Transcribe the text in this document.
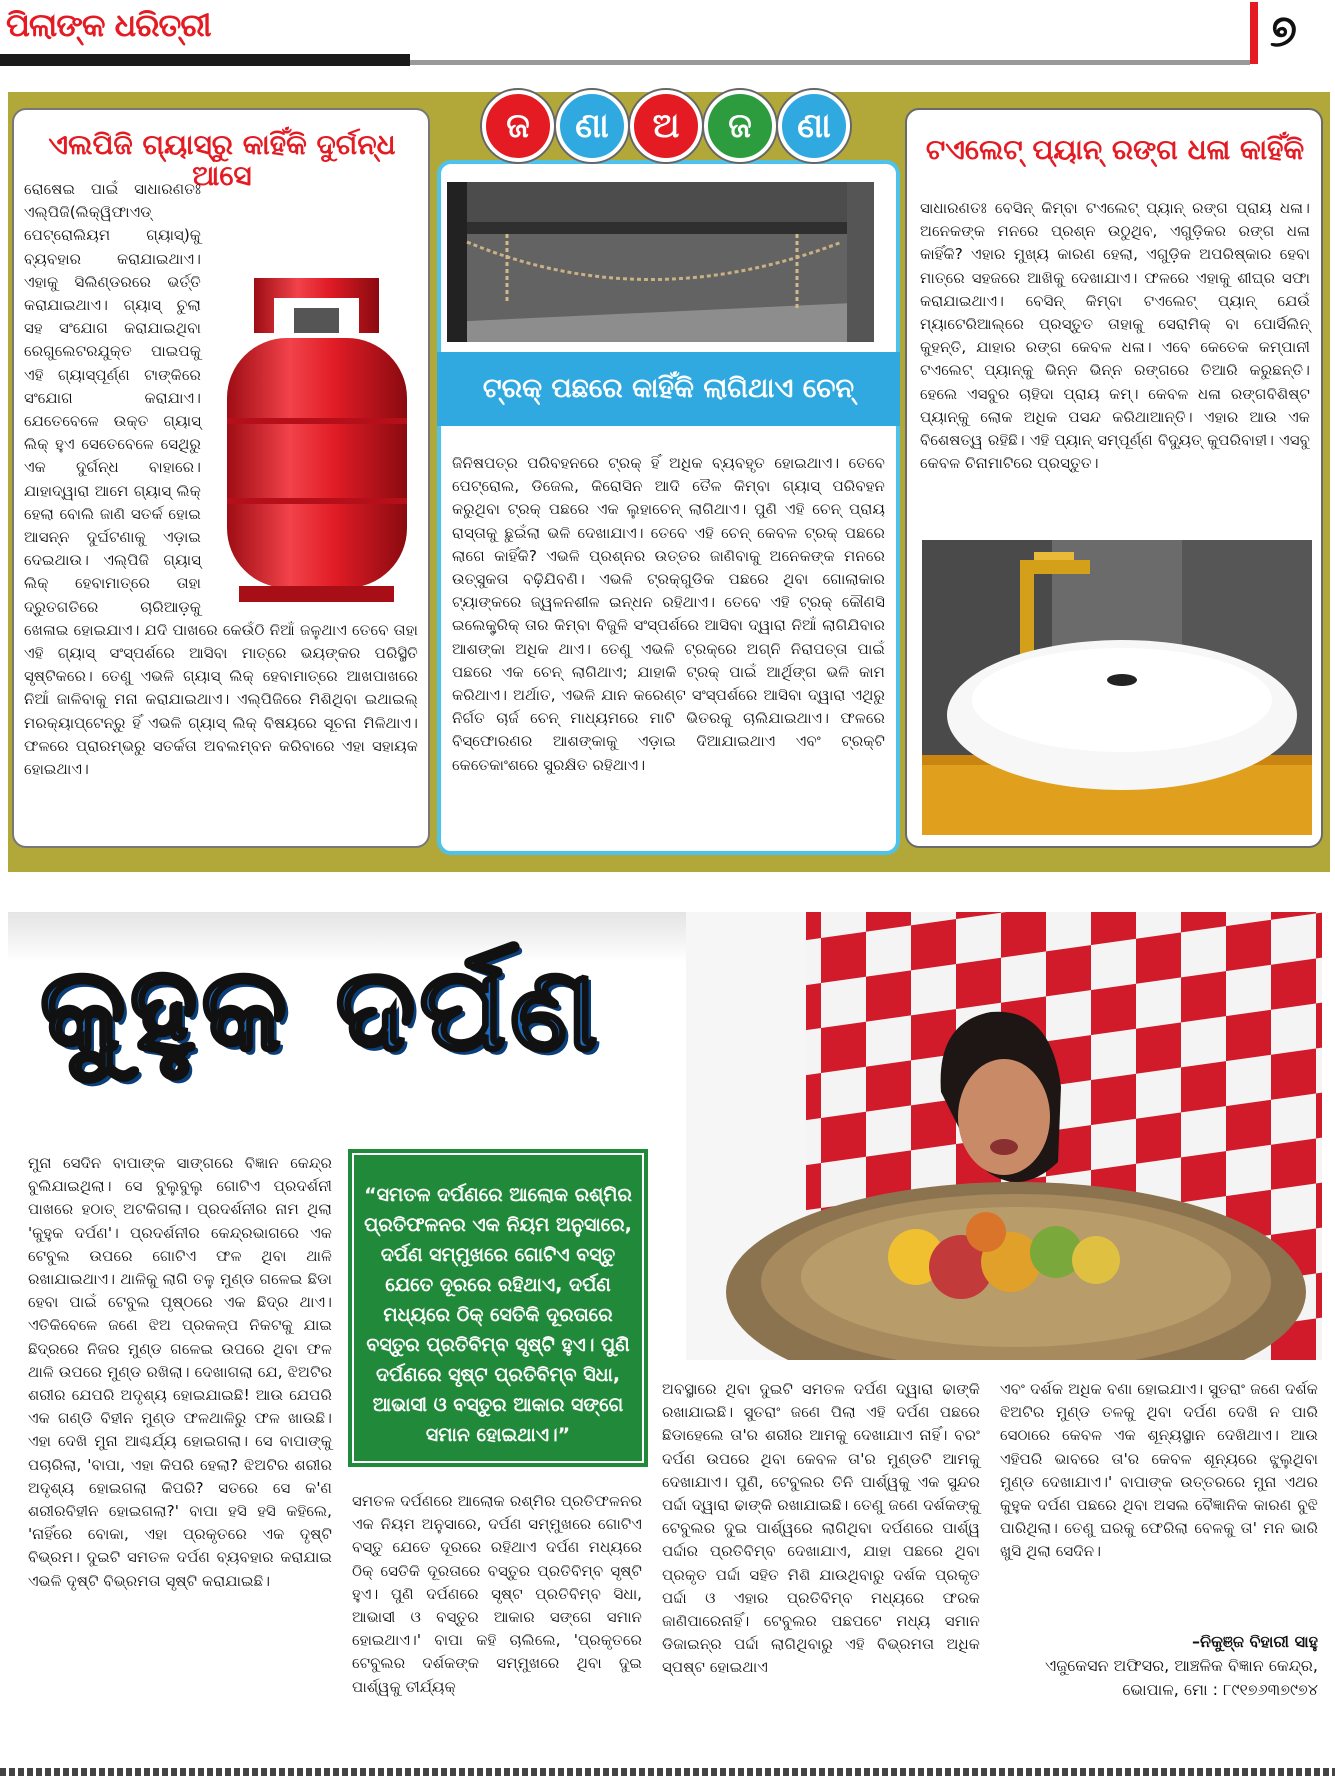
ପିଲାଙ୍କ ଧରିତ୍ରୀ	୭
ଜ	ଣା	ଅ	ଜ	ଣା
ଏଲପିଜି ଗ୍ୟାସ୍‌ରୁ କାହିଁକି ଦୁର୍ଗନ୍ଧ ଆସେ
ରୋଷେଇ ପାଇଁ ସାଧାରଣତଃ ଏଲ୍‌ପିଜି(ଲିକ୍ୱିଫାଏଡ୍ ପେଟ୍ରୋଲିୟମ ଗ୍ୟାସ୍)କୁ ବ୍ୟବହାର କରାଯାଇଥାଏ। ଏହାକୁ ସିଲିଣ୍ଡରରେ ଭର୍ତ୍ତି କରାଯାଇଥାଏ। ଗ୍ୟାସ୍ ଚୁଲା ସହ ସଂଯୋଗ କରାଯାଇଥିବା ରେଗୁଲେଟରଯୁକ୍ତ ପାଇପକୁ ଏହି ଗ୍ୟାସ୍‌ପୂର୍ଣ୍ଣ ଟାଙ୍କିରେ ସଂଯୋଗ କରାଯାଏ। ଯେତେବେଳେ ଉକ୍ତ ଗ୍ୟାସ୍ ଲିକ୍ ହୁଏ ସେତେବେଳେ ସେଥିରୁ ଏକ ଦୁର୍ଗନ୍ଧ ବାହାରେ। ଯାହାଦ୍ୱାରା ଆମେ ଗ୍ୟାସ୍ ଲିକ୍ ହେଲା ବୋଲି ଜାଣି ସତର୍କ ହୋଇ ଆସନ୍ନ ଦୁର୍ଘଟଣାକୁ ଏଡ଼ାଇ ଦେଇଥାଉ। ଏଲ୍‌ପିଜି ଗ୍ୟାସ୍ ଲିକ୍ ହେବାମାତ୍ରେ ତାହା ଦ୍ରୁତଗତିରେ ଚାରିଆଡ଼କୁ ଖେଳାଇ ହୋଇଯାଏ। ଯଦି ପାଖରେ କେଉଁଠି ନିଆଁ ଜଳୁଥାଏ ତେବେ ତାହା ଏହି ଗ୍ୟାସ୍ ସଂସ୍ପର୍ଶରେ ଆସିବା ମାତ୍ରେ ଭୟଙ୍କର ପରିସ୍ଥିତି ସୃଷ୍ଟିକରେ। ତେଣୁ ଏଭଳି ଗ୍ୟାସ୍ ଲିକ୍ ହେବାମାତ୍ରେ ଆଖପାଖରେ ନିଆଁ ଜାଳିବାକୁ ମନା କରାଯାଇଥାଏ। ଏଲ୍‌ପିଜିରେ ମିଶିଥିବା ଇଥାଇଲ୍ ମରକ୍ୟାପ୍‌ଟେନ୍‌ରୁ ହିଁ ଏଭଳି ଗ୍ୟାସ୍ ଲିକ୍ ବିଷୟରେ ସୂଚନା ମିଳିଥାଏ। ଫଳରେ ପ୍ରାରମ୍ଭରୁ ସତର୍କତା ଅବଲମ୍ବନ କରିବାରେ ଏହା ସହାୟକ ହୋଇଥାଏ।
ଟ୍ରକ୍ ପଛରେ କାହିଁକି ଲାଗିଥାଏ ଚେନ୍
ଜିନିଷପତ୍ର ପରିବହନରେ ଟ୍ରକ୍ ହିଁ ଅଧିକ ବ୍ୟବହୃତ ହୋଇଥାଏ। ତେବେ ପେଟ୍ରୋଲ, ଡିଜେଲ, କିରୋସିନ ଆଦି ତୈଳ କିମ୍ବା ଗ୍ୟାସ୍ ପରିବହନ କରୁଥିବା ଟ୍ରକ୍ ପଛରେ ଏକ ଲୁହାଚେନ୍ ଲାଗିଥାଏ। ପୁଣି ଏହି ଚେନ୍ ପ୍ରାୟ ରାସ୍ତାକୁ ଛୁଇଁଲା ଭଳି ଦେଖାଯାଏ। ତେବେ ଏହି ଚେନ୍ କେବଳ ଟ୍ରକ୍ ପଛରେ ଲାଗେ କାହିଁକି? ଏଭଳି ପ୍ରଶ୍ନର ଉତ୍ତର ଜାଣିବାକୁ ଅନେକଙ୍କ ମନରେ ଉତ୍ସୁକତା ବଢ଼ିଯିବଣି। ଏଭଳି ଟ୍ରକ୍‌ଗୁଡିକ ପଛରେ ଥିବା ଗୋଲାକାର ଟ୍ୟାଙ୍କରେ ଜ୍ୱଳନଶୀଳ ଇନ୍ଧନ ରହିଥାଏ। ତେବେ ଏହି ଟ୍ରକ୍ କୌଣସି ଇଲେକ୍ଟ୍ରିକ୍ ତାର କିମ୍ବା ବିଜୁଳି ସଂସ୍ପର୍ଶରେ ଆସିବା ଦ୍ୱାରା ନିଆଁ ଲାଗିଯିବାର ଆଶଙ୍କା ଅଧିକ ଥାଏ। ତେଣୁ ଏଭଳି ଟ୍ରକ୍‌ରେ ଅଗ୍ନି ନିରାପତ୍ତା ପାଇଁ ପଛରେ ଏକ ଚେନ୍ ଲାଗିଥାଏ; ଯାହାକି ଟ୍ରକ୍ ପାଇଁ ଆର୍ଥିଙ୍ଗ ଭଳି କାମ କରିଥାଏ। ଅର୍ଥାତ, ଏଭଳି ଯାନ କରେଣ୍ଟ ସଂସ୍ପର୍ଶରେ ଆସିବା ଦ୍ୱାରା ଏଥିରୁ ନିର୍ଗତ ଚାର୍ଜ ଚେନ୍ ମାଧ୍ୟମରେ ମାଟି ଭିତରକୁ ଚାଲିଯାଇଥାଏ। ଫଳରେ ବିସ୍ଫୋରଣର ଆଶଙ୍କାକୁ ଏଡ଼ାଇ ଦିଆଯାଇଥାଏ ଏବଂ ଟ୍ରକ୍‌ଟି କେତେକାଂଶରେ ସୁରକ୍ଷିତ ରହିଥାଏ।
ଟଏଲେଟ୍ ପ୍ୟାନ୍ ରଙ୍ଗ ଧଳା କାହିଁକି
ସାଧାରଣତଃ ବେସିନ୍ କିମ୍ବା ଟଏଲେଟ୍ ପ୍ୟାନ୍ ରଙ୍ଗ ପ୍ରାୟ ଧଳା। ଅନେକଙ୍କ ମନରେ ପ୍ରଶ୍ନ ଉଠୁଥିବ, ଏଗୁଡ଼ିକର ରଙ୍ଗ ଧଳା କାହିଁକି? ଏହାର ମୁଖ୍ୟ କାରଣ ହେଲା, ଏଗୁଡ଼ିକ ଅପରିଷ୍କାର ହେବା ମାତ୍ରେ ସହଜରେ ଆଖିକୁ ଦେଖାଯାଏ। ଫଳରେ ଏହାକୁ ଶୀଘ୍ର ସଫା କରାଯାଇଥାଏ। ବେସିନ୍ କିମ୍ବା ଟଏଲେଟ୍ ପ୍ୟାନ୍ ଯେଉଁ ମ୍ୟାଟେରିଆଲ୍‌ରେ ପ୍ରସ୍ତୁତ ତାହାକୁ ସେରାମିକ୍ ବା ପୋର୍ସିଲିନ୍ କୁହନ୍ତି, ଯାହାର ରଙ୍ଗ କେବଳ ଧଳା। ଏବେ କେତେକ କମ୍ପାନୀ ଟଏଲେଟ୍ ପ୍ୟାନ୍‌କୁ ଭିନ୍ନ ଭିନ୍ନ ରଙ୍ଗରେ ତିଆରି କରୁଛନ୍ତି। ହେଲେ ଏସବୁର ଚାହିଦା ପ୍ରାୟ କମ୍। କେବଳ ଧଳା ରଙ୍ଗବିଶିଷ୍ଟ ପ୍ୟାନ୍‌କୁ ଲୋକ ଅଧିକ ପସନ୍ଦ କରିଥାଆନ୍ତି। ଏହାର ଆଉ ଏକ ବିଶେଷତ୍ୱ ରହିଛି। ଏହି ପ୍ୟାନ୍ ସମ୍ପୂର୍ଣ୍ଣ ବିଦ୍ୟୁତ୍ କୁପରିବାହୀ। ଏସବୁ କେବଳ ଚିନାମାଟିରେ ପ୍ରସ୍ତୁତ।
କୁହୁକ ଦର୍ପଣ
ମୁନା ସେଦିନ ବାପାଙ୍କ ସାଙ୍ଗରେ ବିଜ୍ଞାନ କେନ୍ଦ୍ର ବୁଲିଯାଇଥିଲା। ସେ ବୁଲୁବୁଲୁ ଗୋଟିଏ ପ୍ରଦର୍ଶନୀ ପାଖରେ ହଠାତ୍ ଅଟକିଗଲା। ପ୍ରଦର୍ଶନୀର ନାମ ଥିଲା 'କୁହୁକ ଦର୍ପଣ'। ପ୍ରଦର୍ଶନୀର କେନ୍ଦ୍ରଭାଗରେ ଏକ ଟେବୁଲ ଉପରେ ଗୋଟିଏ ଫଳ ଥିବା ଥାଳି ରଖାଯାଇଥାଏ। ଥାଳିକୁ ଲାଗି ତଳୁ ମୁଣ୍ଡ ଗଳେଇ ଛିଡା ହେବା ପାଇଁ ଟେବୁଲ ପୃଷ୍ଠରେ ଏକ ଛିଦ୍ର ଥାଏ। ଏତିକିବେଳେ ଜଣେ ଝିଅ ପ୍ରକଳ୍ପ ନିକଟକୁ ଯାଇ ଛିଦ୍ରରେ ନିଜର ମୁଣ୍ଡ ଗଳେଇ ଉପରେ ଥିବା ଫଳ ଥାଳି ଉପରେ ମୁଣ୍ଡ ରଖିଲା। ଦେଖାଗଲା ଯେ, ଝିଅଟିର ଶରୀର ଯେପରି ଅଦୃଶ୍ୟ ହୋଇଯାଇଛି! ଆଉ ଯେପରି ଏକ ଗଣ୍ଡି ବିହୀନ ମୁଣ୍ଡ ଫଳଥାଳିରୁ ଫଳ ଖାଉଛି। ଏହା ଦେଖି ମୁନା ଆଶ୍ଚର୍ଯ୍ୟ ହୋଇଗଲା। ସେ ବାପାଙ୍କୁ ପଚାରିଲା, 'ବାପା, ଏହା କିପରି ହେଲା? ଝିଅଟିର ଶରୀର ଅଦୃଶ୍ୟ ହୋଇଗଲା କିପରି? ସତରେ ସେ କ'ଣ ଶରୀରବିହୀନ ହୋଇଗଲା?' ବାପା ହସି ହସି କହିଲେ, 'ନାହିଁରେ ବୋକା, ଏହା ପ୍ରକୃତରେ ଏକ ଦୃଷ୍ଟି ବିଭ୍ରମ। ଦୁଇଟି ସମତଳ ଦର୍ପଣ ବ୍ୟବହାର କରାଯାଇ ଏଭଳି ଦୃଷ୍ଟି ବିଭ୍ରମତା ସୃଷ୍ଟି କରାଯାଇଛି।
“ସମତଳ ଦର୍ପଣରେ ଆଲୋକ ରଶ୍ମିର ପ୍ରତିଫଳନର ଏକ ନିୟମ ଅନୁସାରେ, ଦର୍ପଣ ସମ୍ମୁଖରେ ଗୋଟିଏ ବସ୍ତୁ ଯେତେ ଦୂରରେ ରହିଥାଏ, ଦର୍ପଣ ମଧ୍ୟରେ ଠିକ୍ ସେତିକି ଦୂରତାରେ ବସ୍ତୁର ପ୍ରତିବିମ୍ବ ସୃଷ୍ଟି ହୁଏ। ପୁଣି ଦର୍ପଣରେ ସୃଷ୍ଟ ପ୍ରତିବିମ୍ବ ସିଧା, ଆଭାସୀ ଓ ବସ୍ତୁର ଆକାର ସଙ୍ଗେ ସମାନ ହୋଇଥାଏ।”
ସମତଳ ଦର୍ପଣରେ ଆଲୋକ ରଶ୍ମିର ପ୍ରତିଫଳନର ଏକ ନିୟମ ଅନୁସାରେ, ଦର୍ପଣ ସମ୍ମୁଖରେ ଗୋଟିଏ ବସ୍ତୁ ଯେତେ ଦୂରରେ ରହିଥାଏ ଦର୍ପଣ ମଧ୍ୟରେ ଠିକ୍ ସେତିକି ଦୂରତାରେ ବସ୍ତୁର ପ୍ରତିବିମ୍ବ ସୃଷ୍ଟି ହୁଏ। ପୁଣି ଦର୍ପଣରେ ସୃଷ୍ଟ ପ୍ରତିବିମ୍ବ ସିଧା, ଆଭାସୀ ଓ ବସ୍ତୁର ଆକାର ସଙ୍ଗେ ସମାନ ହୋଇଥାଏ।' ବାପା କହି ଚାଲିଲେ, 'ପ୍ରକୃତରେ ଟେବୁଲର ଦର୍ଶକଙ୍କ ସମ୍ମୁଖରେ ଥିବା ଦୁଇ ପାର୍ଶ୍ୱକୁ ତୀର୍ଯ୍ୟକ୍
ଅବସ୍ଥାରେ ଥିବା ଦୁଇଟି ସମତଳ ଦର୍ପଣ ଦ୍ୱାରା ଢାଙ୍କି ରଖାଯାଇଛି। ସୁତରାଂ ଜଣେ ପିଲା ଏହି ଦର୍ପଣ ପଛରେ ଛିଡାହେଲେ ତା'ର ଶରୀର ଆମକୁ ଦେଖାଯାଏ ନାହିଁ। ବରଂ ଦର୍ପଣ ଉପରେ ଥିବା କେବଳ ତା'ର ମୁଣ୍ଡଟି ଆମକୁ ଦେଖାଯାଏ। ପୁଣି, ଟେବୁଲର ତିନି ପାର୍ଶ୍ୱକୁ ଏକ ସୁନ୍ଦର ପର୍ଦ୍ଦା ଦ୍ୱାରା ଢାଙ୍କି ରଖାଯାଇଛି। ତେଣୁ ଜଣେ ଦର୍ଶକଙ୍କୁ ଟେବୁଲର ଦୁଇ ପାର୍ଶ୍ୱରେ ଲାଗିଥିବା ଦର୍ପଣରେ ପାର୍ଶ୍ୱ ପର୍ଦ୍ଦାର ପ୍ରତିବିମ୍ବ ଦେଖାଯାଏ, ଯାହା ପଛରେ ଥିବା ପ୍ରକୃତ ପର୍ଦ୍ଦା ସହିତ ମିଶି ଯାଉଥିବାରୁ ଦର୍ଶକ ପ୍ରକୃତ ପର୍ଦ୍ଦା ଓ ଏହାର ପ୍ରତିବିମ୍ବ ମଧ୍ୟରେ ଫରକ ଜାଣିପାରେନାହିଁ। ଟେବୁଲର ପଛପଟେ ମଧ୍ୟ ସମାନ ଡିଜାଇନ୍‌ର ପର୍ଦ୍ଦା ଲାଗିଥିବାରୁ ଏହି ବିଭ୍ରମତା ଅଧିକ ସ୍ପଷ୍ଟ ହୋଇଥାଏ
ଏବଂ ଦର୍ଶକ ଅଧିକ ବଣା ହୋଇଯାଏ। ସୁତରାଂ ଜଣେ ଦର୍ଶକ ଝିଅଟିର ମୁଣ୍ଡ ତଳକୁ ଥିବା ଦର୍ପଣ ଦେଖି ନ ପାରି ସେଠାରେ କେବଳ ଏକ ଶୂନ୍ୟସ୍ଥାନ ଦେଖିଥାଏ। ଆଉ ଏହିପରି ଭାବରେ ତା'ର କେବଳ ଶୂନ୍ୟରେ ଝୁଲୁଥିବା ମୁଣ୍ଡ ଦେଖାଯାଏ।' ବାପାଙ୍କ ଉତ୍ତରରେ ମୁନା ଏଥର କୁହୁକ ଦର୍ପଣ ପଛରେ ଥିବା ଅସଲ ବୈଜ୍ଞାନିକ କାରଣ ବୁଝି ପାରିଥିଲା। ତେଣୁ ଘରକୁ ଫେରିଲା ବେଳକୁ ତା' ମନ ଭାରି ଖୁସି ଥିଲା ସେଦିନ।
–ନିକୁଞ୍ଜ ବିହାରୀ ସାହୁ
ଏଜୁକେସନ ଅଫିସର, ଆଞ୍ଚଳିକ ବିଜ୍ଞାନ କେନ୍ଦ୍ର,
ଭୋପାଳ, ମୋ : ୮୯୧୭୬୩୭୯୭୪
